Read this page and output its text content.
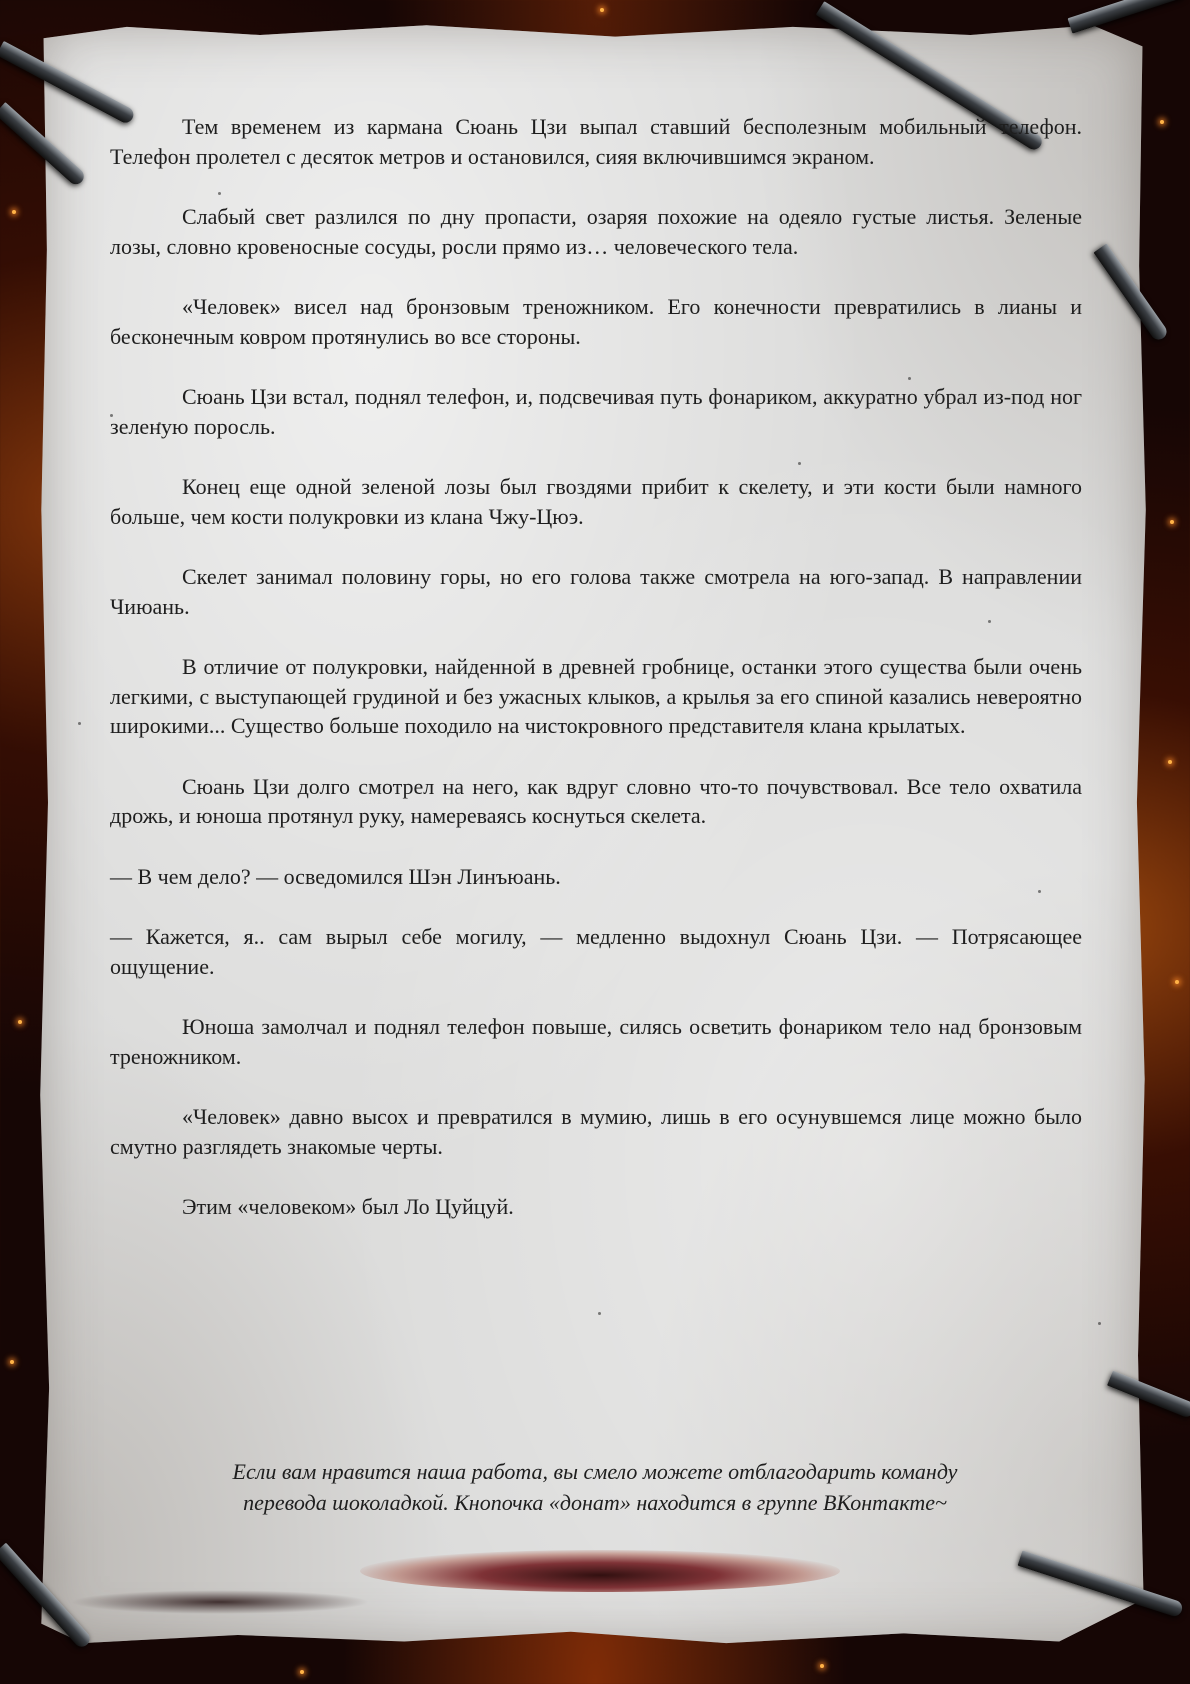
Тем временем из кармана Сюань Цзи выпал ставший бесполезным мобильный телефон. Телефон пролетел с десяток метров и остановился, сияя включившимся экраном.

Слабый свет разлился по дну пропасти, озаряя похожие на одеяло густые листья. Зеленые лозы, словно кровеносные сосуды, росли прямо из… человеческого тела.

«Человек» висел над бронзовым треножником. Его конечности превратились в лианы и бесконечным ковром протянулись во все стороны.

Сюань Цзи встал, поднял телефон, и, подсвечивая путь фонариком, аккуратно убрал из-под ног зеленую поросль.

Конец еще одной зеленой лозы был гвоздями прибит к скелету, и эти кости были намного больше, чем кости полукровки из клана Чжу-Цюэ.

Скелет занимал половину горы, но его голова также смотрела на юго-запад. В направлении Чиюань.

В отличие от полукровки, найденной в древней гробнице, останки этого существа были очень легкими, с выступающей грудиной и без ужасных клыков, а крылья за его спиной казались невероятно широкими... Существо больше походило на чистокровного представителя клана крылатых.

Сюань Цзи долго смотрел на него, как вдруг словно что-то почувствовал. Все тело охватила дрожь, и юноша протянул руку, намереваясь коснуться скелета.

— В чем дело? — осведомился Шэн Линъюань.

— Кажется, я.. сам вырыл себе могилу, — медленно выдохнул Сюань Цзи. — Потрясающее ощущение.

Юноша замолчал и поднял телефон повыше, силясь осветить фонариком тело над бронзовым треножником.

«Человек» давно высох и превратился в мумию, лишь в его осунувшемся лице можно было смутно разглядеть знакомые черты.

Этим «человеком» был Ло Цуйцуй.

Если вам нравится наша работа, вы смело можете отблагодарить команду
перевода шоколадкой. Кнопочка «донат» находится в группе ВКонтакте~
